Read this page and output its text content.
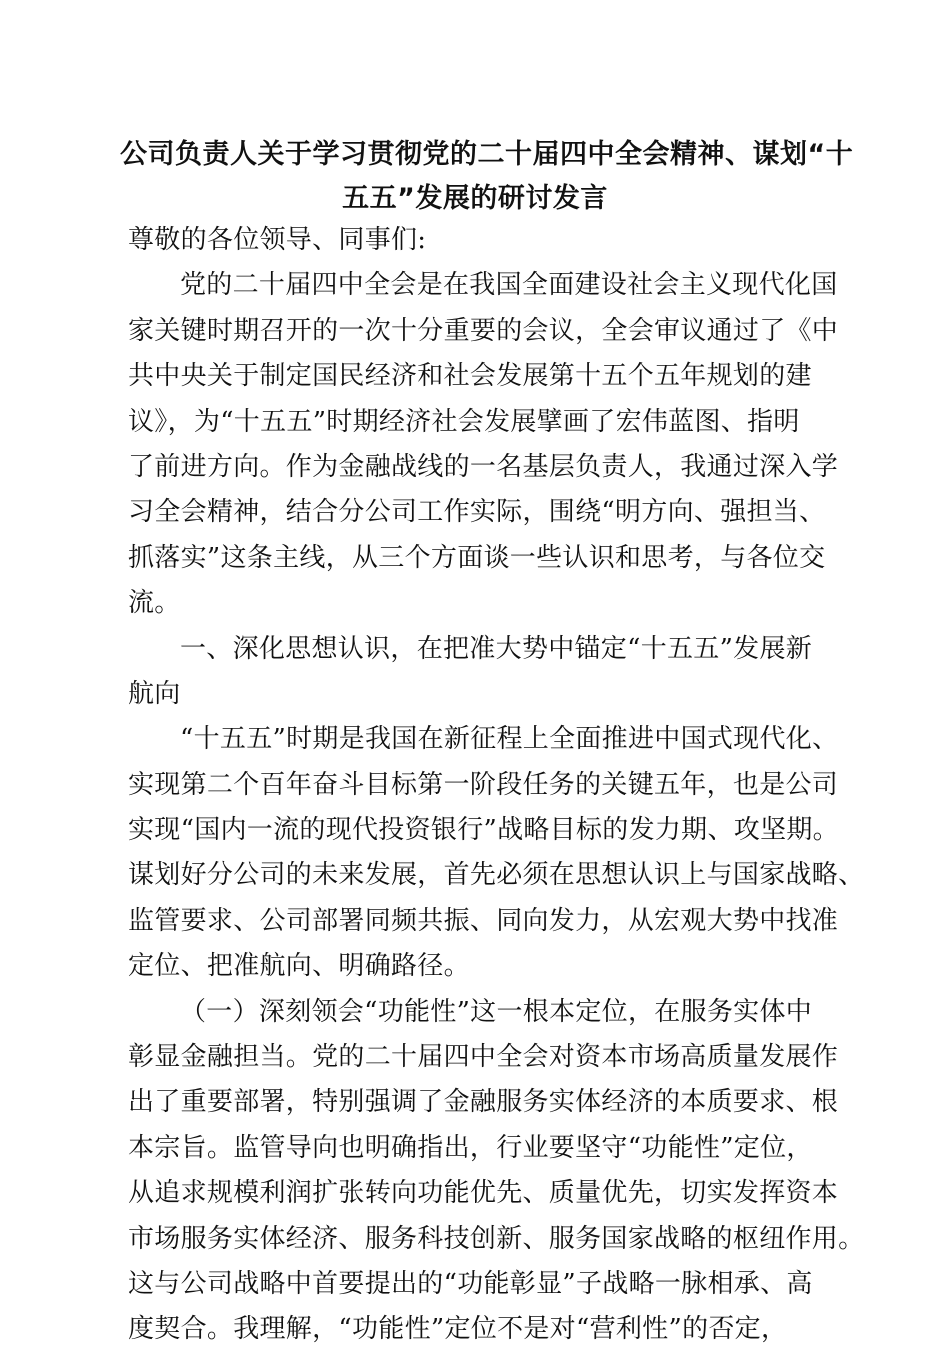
公司负责人关于学习贯彻党的二十届四中全会精神、谋划“十
五五”发展的研讨发言
尊敬的各位领导、同事们:
党的二十届四中全会是在我国全面建设社会主义现代化国
家关键时期召开的一次十分重要的会议，全会审议通过了《中
共中央关于制定国民经济和社会发展第十五个五年规划的建
议》，为“十五五”时期经济社会发展擘画了宏伟蓝图、指明
了前进方向。作为金融战线的一名基层负责人，我通过深入学
习全会精神，结合分公司工作实际，围绕“明方向、强担当、
抓落实”这条主线，从三个方面谈一些认识和思考，与各位交
流。
一、深化思想认识，在把准大势中锚定“十五五”发展新
航向
“十五五”时期是我国在新征程上全面推进中国式现代化、
实现第二个百年奋斗目标第一阶段任务的关键五年，也是公司
实现“国内一流的现代投资银行”战略目标的发力期、攻坚期。
谋划好分公司的未来发展，首先必须在思想认识上与国家战略、
监管要求、公司部署同频共振、同向发力，从宏观大势中找准
定位、把准航向、明确路径。
（一）深刻领会“功能性”这一根本定位，在服务实体中
彰显金融担当。党的二十届四中全会对资本市场高质量发展作
出了重要部署，特别强调了金融服务实体经济的本质要求、根
本宗旨。监管导向也明确指出，行业要坚守“功能性”定位，
从追求规模利润扩张转向功能优先、质量优先，切实发挥资本
市场服务实体经济、服务科技创新、服务国家战略的枢纽作用。
这与公司战略中首要提出的“功能彰显”子战略一脉相承、高
度契合。我理解，“功能性”定位不是对“营利性”的否定，
